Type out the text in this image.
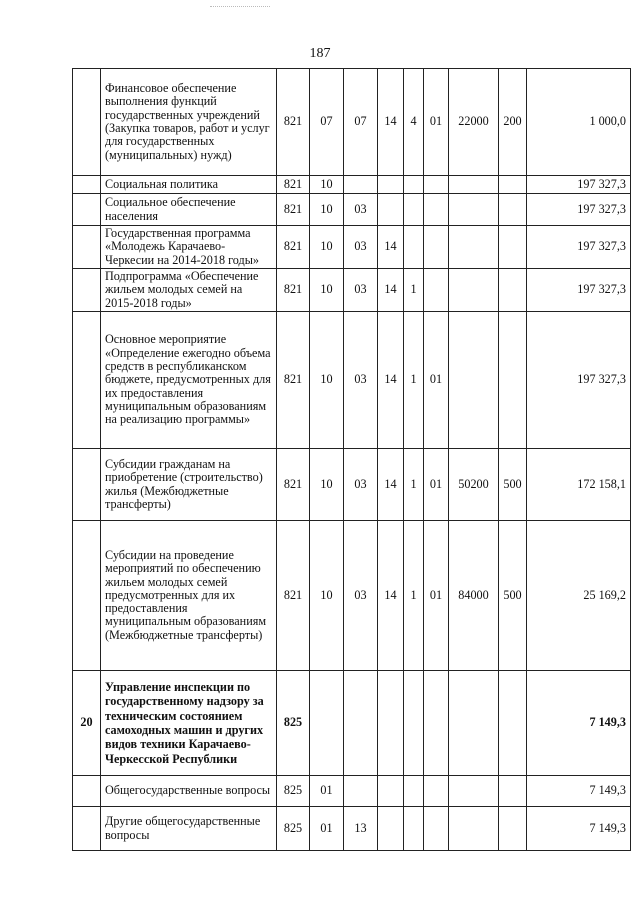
187
	Финансовое обеспечение выполнения функций государственных учреждений (Закупка товаров, работ и услуг для государственных (муниципальных) нужд)	821	07	07	14	4	01	22000	200	1 000,0
	Социальная политика	821	10							197 327,3
	Социальное обеспечение населения	821	10	03						197 327,3
	Государственная программа «Молодежь Карачаево-Черкесии на 2014-2018 годы»	821	10	03	14					197 327,3
	Подпрограмма «Обеспечение жильем молодых семей на 2015-2018 годы»	821	10	03	14	1				197 327,3
	Основное мероприятие «Определение ежегодно объема средств в республиканском бюджете, предусмотренных для их предоставления муниципальным образованиям на реализацию программы»	821	10	03	14	1	01			197 327,3
	Субсидии гражданам на приобретение (строительство) жилья (Межбюджетные трансферты)	821	10	03	14	1	01	50200	500	172 158,1
	Субсидии на проведение мероприятий по обеспечению жильем молодых семей предусмотренных для их предоставления муниципальным образованиям (Межбюджетные трансферты)	821	10	03	14	1	01	84000	500	25 169,2
20	Управление инспекции по государственному надзору за техническим состоянием самоходных машин и других видов техники Карачаево-Черкесской Республики	825								7 149,3
	Общегосударственные вопросы	825	01							7 149,3
	Другие общегосударственные вопросы	825	01	13						7 149,3
